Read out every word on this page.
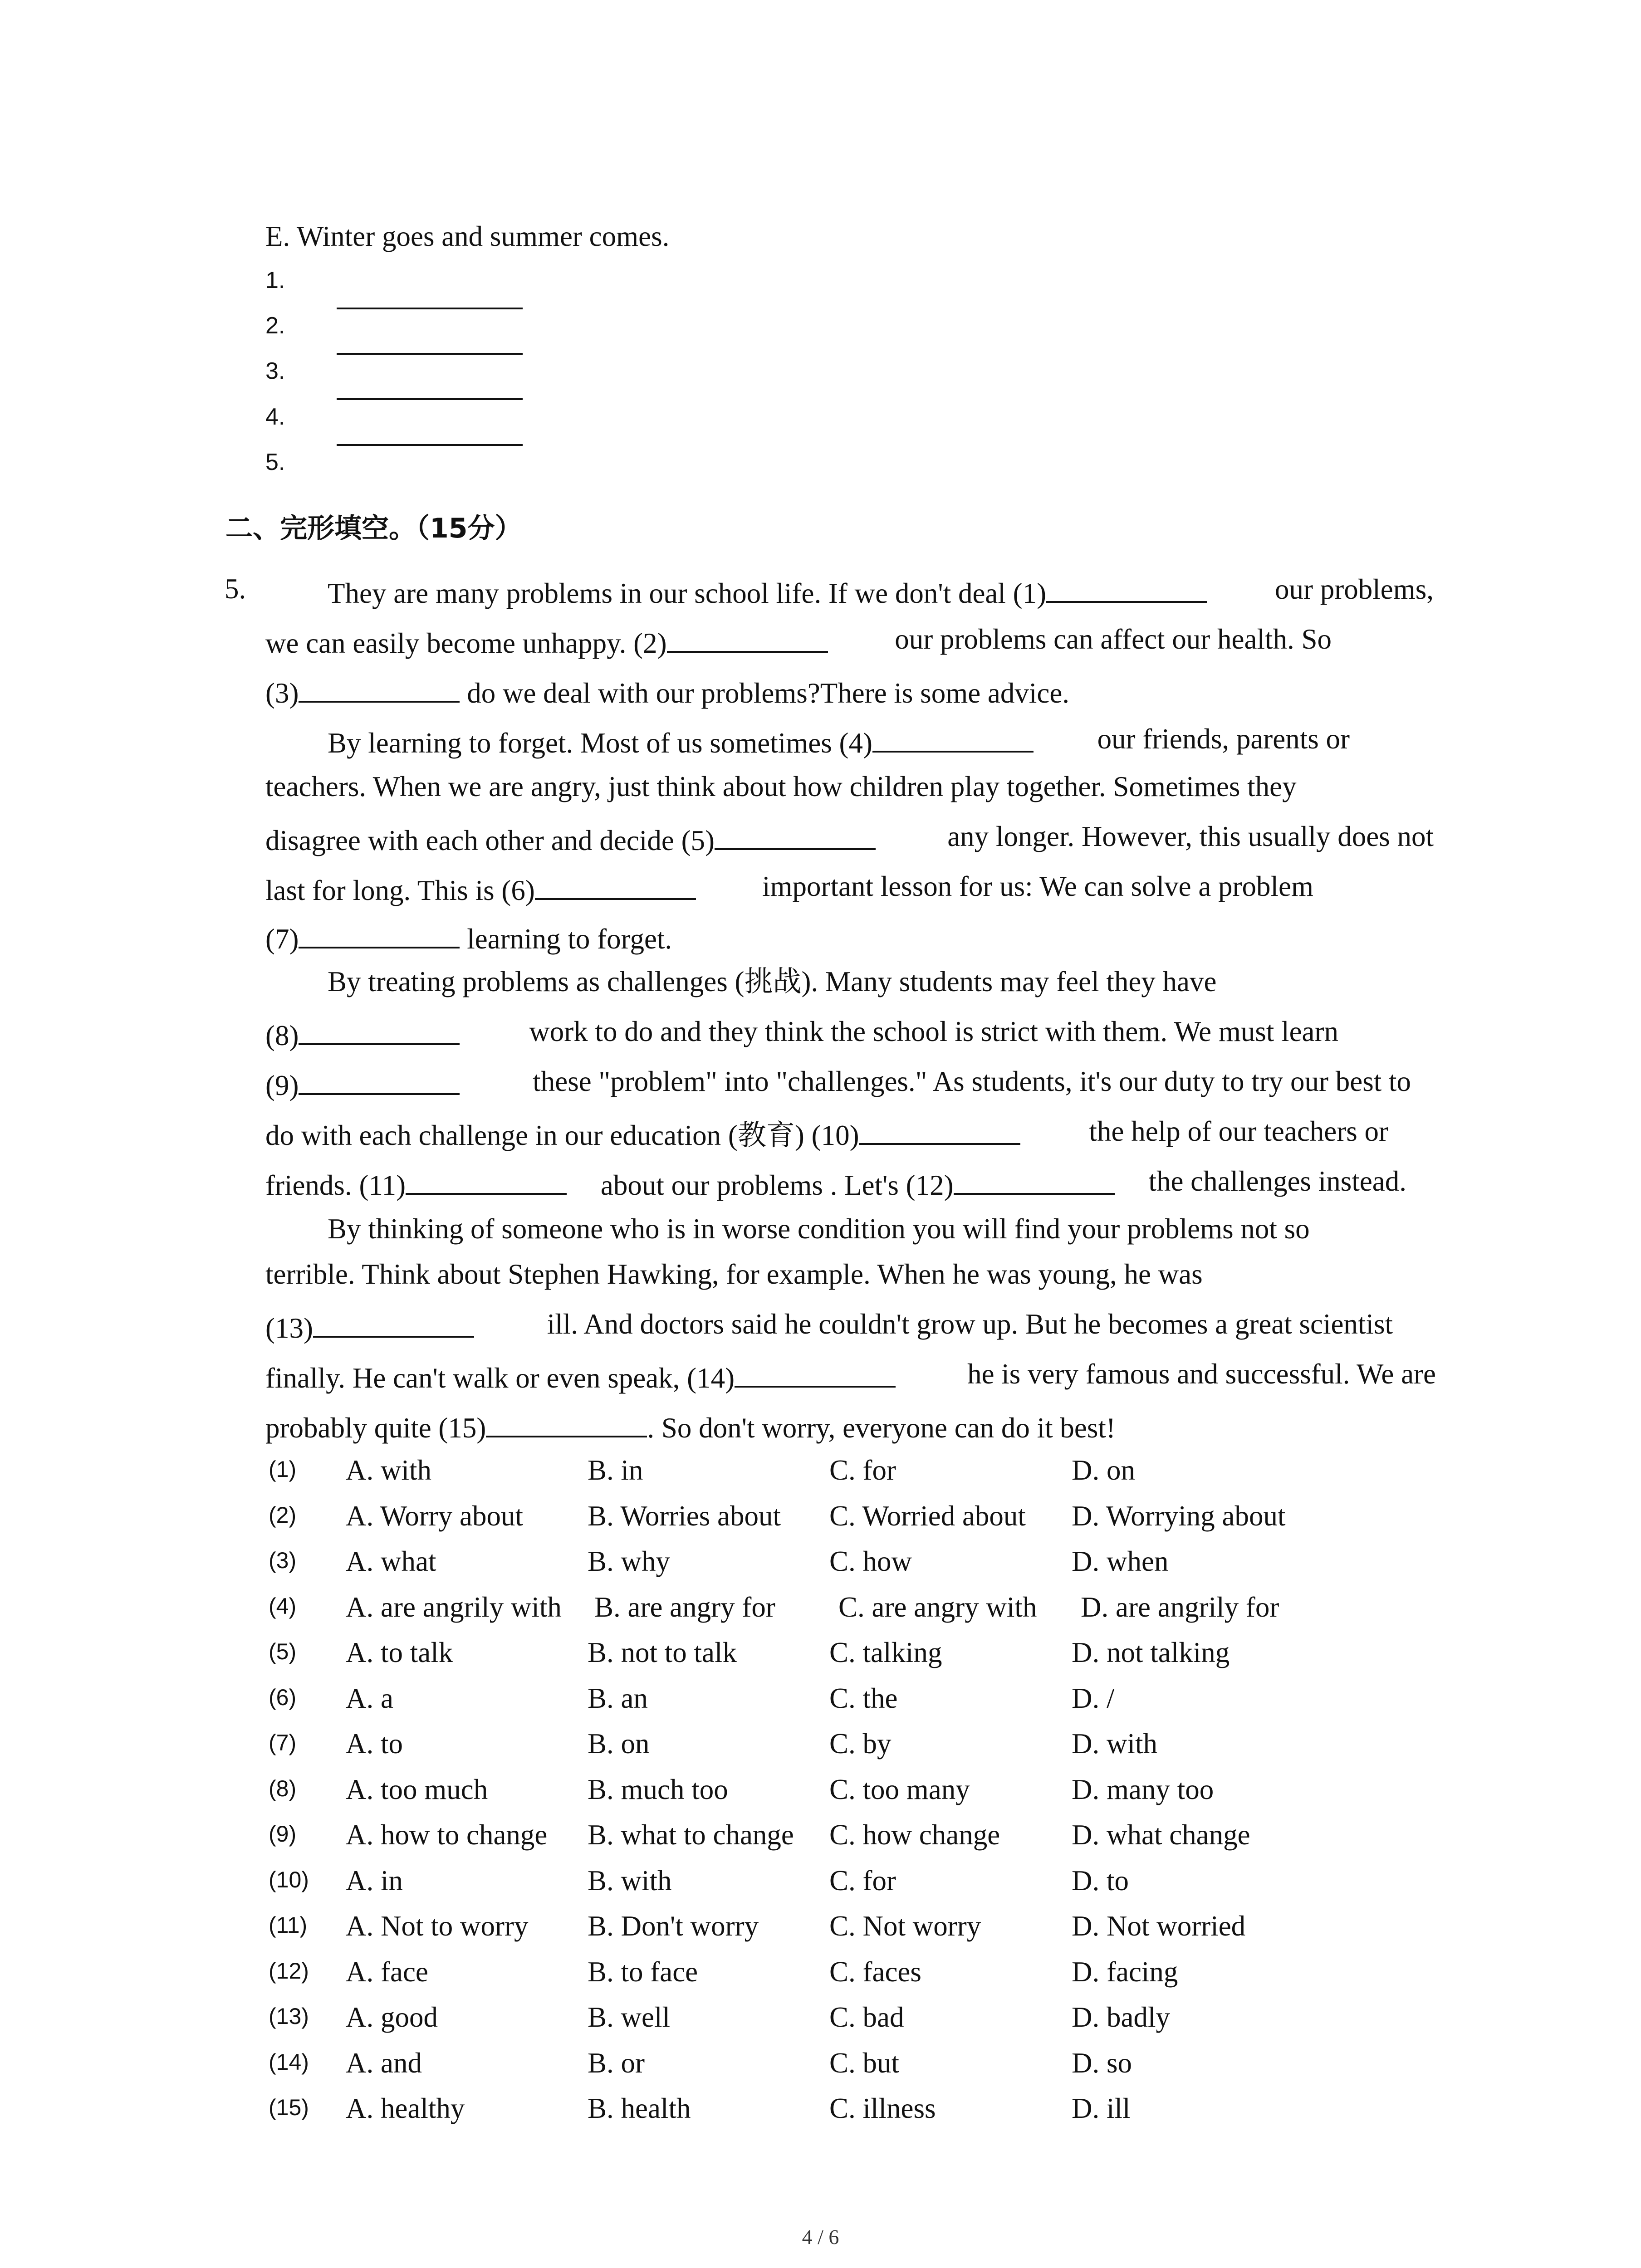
E. Winter goes and summer comes.
1.
2.
3.
4.
5.
二、完形填空。（15分）
5.	They are many problems in our school life. If we don't deal (1)	our problems,
we can easily become unhappy. (2)	our problems can affect our health. So
(3)	do we deal with our problems?There is some advice.
By learning to forget. Most of us sometimes (4)	our friends, parents or
teachers. When we are angry, just think about how children play together. Sometimes they
disagree with each other and decide (5)	any longer. However, this usually does not
last for long. This is (6)	important lesson for us: We can solve a problem
(7)	learning to forget.
By treating problems as challenges (挑战). Many students may feel they have
(8)	work to do and they think the school is strict with them. We must learn
(9)	these "problem" into "challenges." As students, it's our duty to try our best to
do with each challenge in our education (教育) (10)	the help of our teachers or
friends. (11)	about our problems . Let's (12)	the challenges instead.
By thinking of someone who is in worse condition you will find your problems not so
terrible. Think about Stephen Hawking, for example. When he was young, he was
(13)	ill. And doctors said he couldn't grow up. But he becomes a great scientist
finally. He can't walk or even speak, (14)	he is very famous and successful. We are
probably quite (15)	. So don't worry, everyone can do it best!
(1) A. with	B. in	C. for	D. on
(2) A. Worry about B. Worries about C. Worried about D. Worrying about
(3) A. what	B. why	C. how	D. when
(4) A. are angrily with B. are angry for C. are angry with D. are angrily for
(5) A. to talk	B. not to talk	C. talking	D. not talking
(6) A. a	B. an	C. the	D. /
(7) A. to	B. on	C. by	D. with
(8) A. too much	B. much too	C. too many	D. many too
(9) A. how to change B. what to change C. how change	D. what change
(10) A. in	B. with	C. for	D. to
(11) A. Not to worry B. Don't worry C. Not worry	D. Not worried
(12) A. face	B. to face	C. faces	D. facing
(13) A. good	B. well	C. bad	D. badly
(14) A. and	B. or	C. but	D. so
(15) A. healthy	B. health	C. illness	D. ill
4 / 6
